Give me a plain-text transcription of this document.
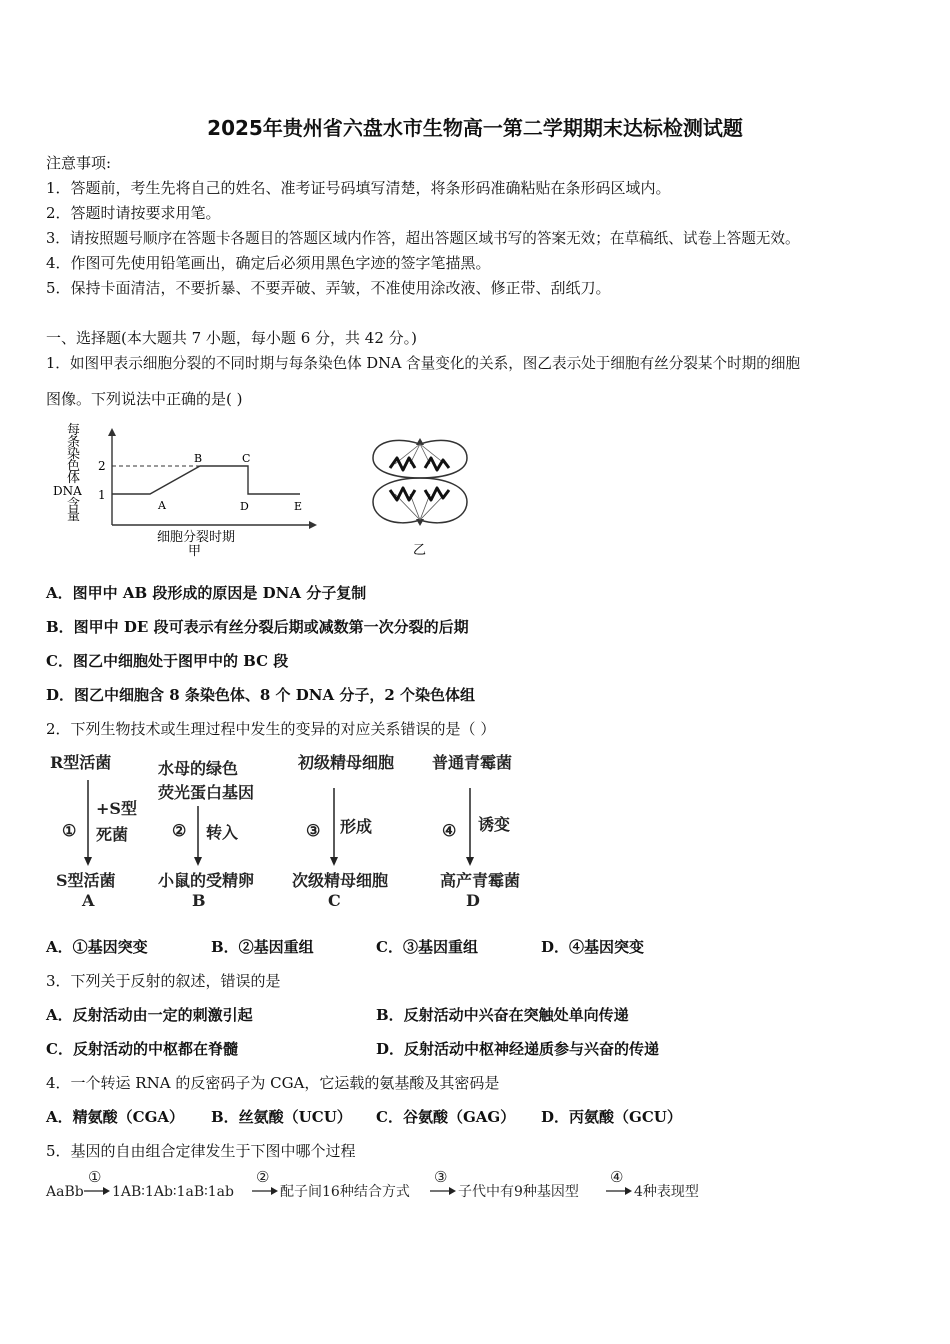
2025年贵州省六盘水市生物高一第二学期期末达标检测试题
注意事项:
1．答题前，考生先将自己的姓名、准考证号码填写清楚，将条形码准确粘贴在条形码区域内。
2．答题时请按要求用笔。
3．请按照题号顺序在答题卡各题目的答题区域内作答，超出答题区域书写的答案无效；在草稿纸、试卷上答题无效。
4．作图可先使用铅笔画出，确定后必须用黑色字迹的签字笔描黑。
5．保持卡面清洁，不要折暴、不要弄破、弄皱，不准使用涂改液、修正带、刮纸刀。
一、选择题(本大题共 7 小题，每小题 6 分，共 42 分。)
1．如图甲表示细胞分裂的不同时期与每条染色体 DNA 含量变化的关系，图乙表示处于细胞有丝分裂某个时期的细胞
图像。下列说法中正确的是( )
每条染色体 DNA 含量
2
1
A
B	C
D	E
细胞分裂时期
甲	乙
A．图甲中 AB 段形成的原因是 DNA 分子复制
B．图甲中 DE 段可表示有丝分裂后期或减数第一次分裂的后期
C．图乙中细胞处于图甲中的 BC 段
D．图乙中细胞含 8 条染色体、8 个 DNA 分子，2 个染色体组
2．下列生物技术或生理过程中发生的变异的对应关系错误的是（ ）
R型活菌
①
+S型
死菌
S型活菌
A
水母的绿色
荧光蛋白基因
② 转入
小鼠的受精卵
B
初级精母细胞
③ 形成
次级精母细胞
C
普通青霉菌
④ 诱变
高产青霉菌
D
A．①基因突变	B．②基因重组	C．③基因重组	D．④基因突变
3．下列关于反射的叙述，错误的是
A．反射活动由一定的刺激引起	B．反射活动中兴奋在突触处单向传递
C．反射活动的中枢都在脊髓	D．反射活动中枢神经递质参与兴奋的传递
4．一个转运 RNA 的反密码子为 CGA，它运载的氨基酸及其密码是
A．精氨酸（CGA） B．丝氨酸（UCU） C．谷氨酸（GAG） D．丙氨酸（GCU）
5．基因的自由组合定律发生于下图中哪个过程
AaBb
①
1AB∶1Ab∶1aB∶1ab
②
配子间16种结合方式
③
子代中有9种基因型
④
4种表现型
